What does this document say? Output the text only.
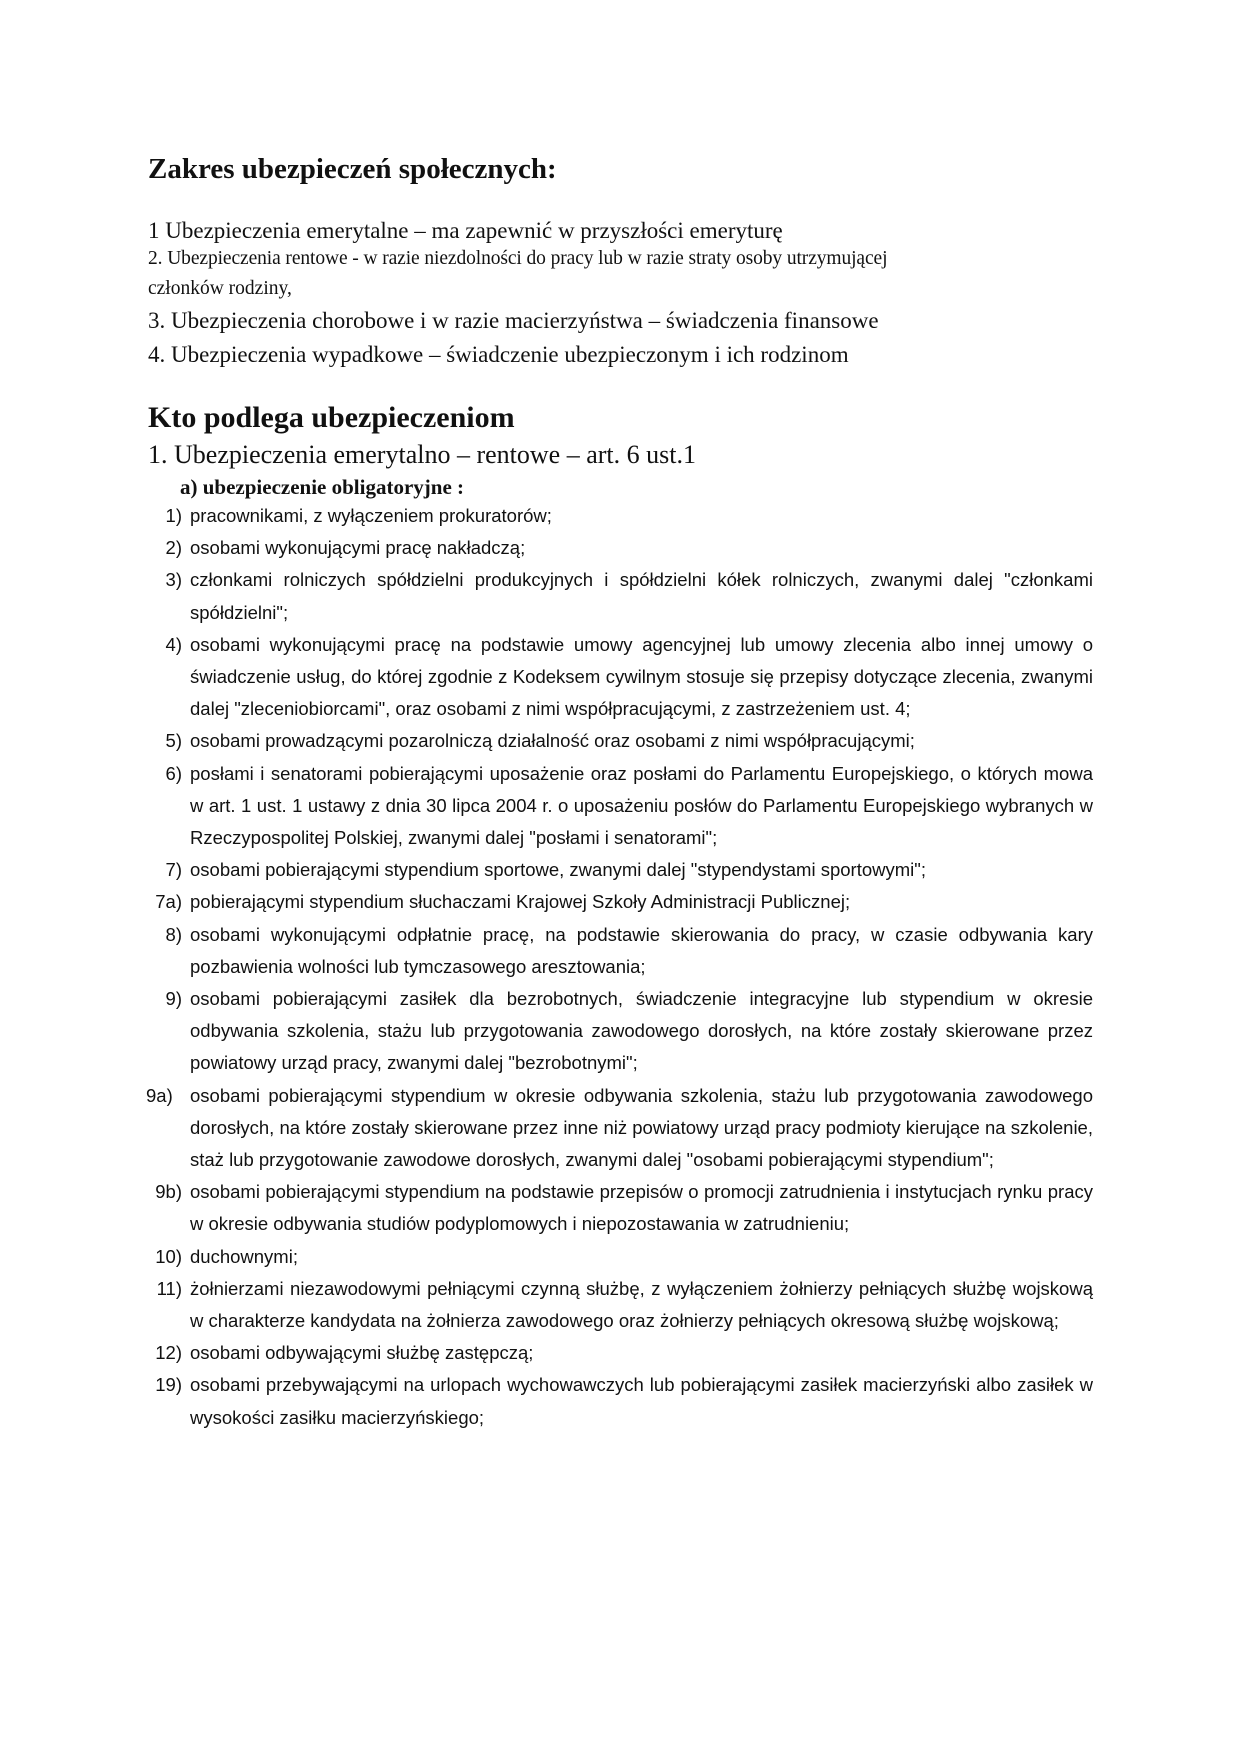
Zakres ubezpieczeń społecznych:
1 Ubezpieczenia emerytalne – ma zapewnić w przyszłości emeryturę
2. Ubezpieczenia rentowe - w razie niezdolności do pracy lub w razie straty osoby utrzymującej
członków rodziny,
3. Ubezpieczenia chorobowe i w razie macierzyństwa – świadczenia finansowe
4. Ubezpieczenia wypadkowe – świadczenie ubezpieczonym i ich rodzinom
Kto podlega ubezpieczeniom
1. Ubezpieczenia emerytalno – rentowe – art. 6 ust.1
a) ubezpieczenie obligatoryjne :
1) pracownikami, z wyłączeniem prokuratorów;
2) osobami wykonującymi pracę nakładczą;
3) członkami rolniczych spółdzielni produkcyjnych i spółdzielni kółek rolniczych, zwanymi dalej "członkami spółdzielni";
4) osobami wykonującymi pracę na podstawie umowy agencyjnej lub umowy zlecenia albo innej umowy o świadczenie usług, do której zgodnie z Kodeksem cywilnym stosuje się przepisy dotyczące zlecenia, zwanymi dalej "zleceniobiorcami", oraz osobami z nimi współpracującymi, z zastrzeżeniem ust. 4;
5) osobami prowadzącymi pozarolniczą działalność oraz osobami z nimi współpracującymi;
6) posłami i senatorami pobierającymi uposażenie oraz posłami do Parlamentu Europejskiego, o których mowa w art. 1 ust. 1 ustawy z dnia 30 lipca 2004 r. o uposażeniu posłów do Parlamentu Europejskiego wybranych w Rzeczypospolitej Polskiej, zwanymi dalej "posłami i senatorami";
7) osobami pobierającymi stypendium sportowe, zwanymi dalej "stypendystami sportowymi";
7a) pobierającymi stypendium słuchaczami Krajowej Szkoły Administracji Publicznej;
8) osobami wykonującymi odpłatnie pracę, na podstawie skierowania do pracy, w czasie odbywania kary pozbawienia wolności lub tymczasowego aresztowania;
9) osobami pobierającymi zasiłek dla bezrobotnych, świadczenie integracyjne lub stypendium w okresie odbywania szkolenia, stażu lub przygotowania zawodowego dorosłych, na które zostały skierowane przez powiatowy urząd pracy, zwanymi dalej "bezrobotnymi";
9a) osobami pobierającymi stypendium w okresie odbywania szkolenia, stażu lub przygotowania zawodowego dorosłych, na które zostały skierowane przez inne niż powiatowy urząd pracy podmioty kierujące na szkolenie, staż lub przygotowanie zawodowe dorosłych, zwanymi dalej "osobami pobierającymi stypendium";
9b) osobami pobierającymi stypendium na podstawie przepisów o promocji zatrudnienia i instytucjach rynku pracy w okresie odbywania studiów podyplomowych i niepozostawania w zatrudnieniu;
10) duchownymi;
11) żołnierzami niezawodowymi pełniącymi czynną służbę, z wyłączeniem żołnierzy pełniących służbę wojskową w charakterze kandydata na żołnierza zawodowego oraz żołnierzy pełniących okresową służbę wojskową;
12) osobami odbywającymi służbę zastępczą;
19) osobami przebywającymi na urlopach wychowawczych lub pobierającymi zasiłek macierzyński albo zasiłek w wysokości zasiłku macierzyńskiego;
